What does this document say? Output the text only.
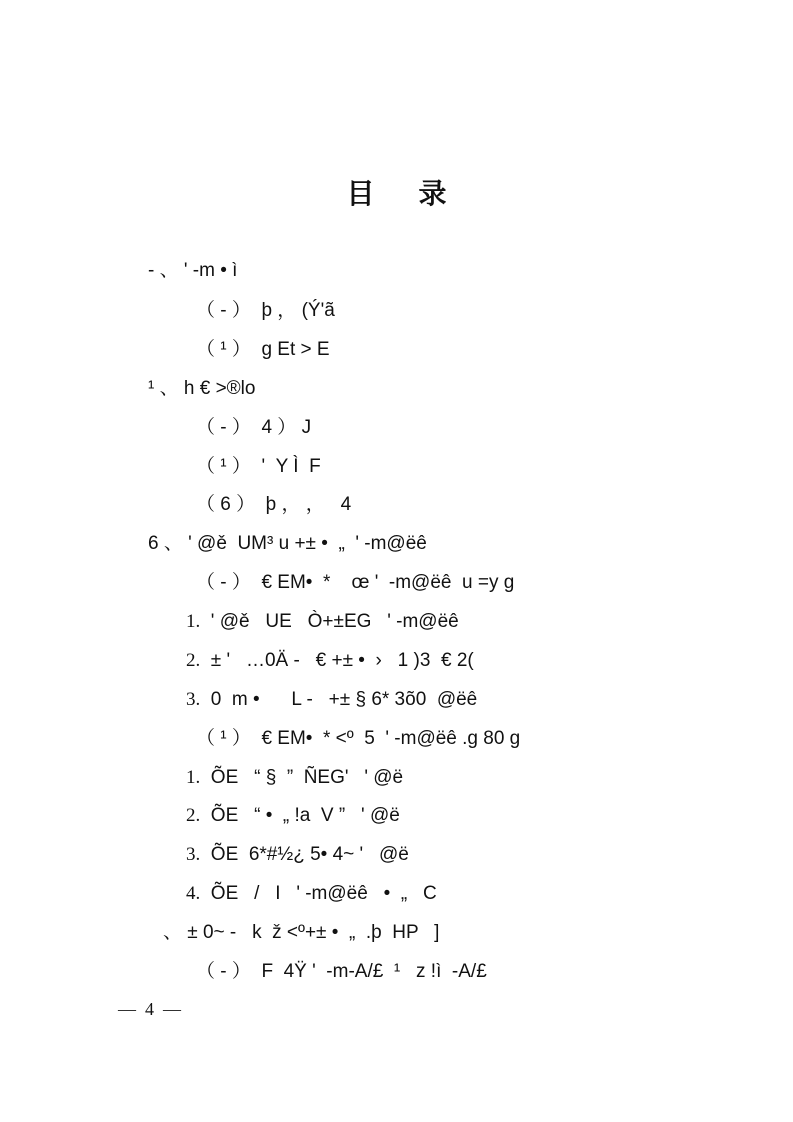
目 录
- 、 ' -m • ì
（ - ）  þ ， (Ý'ã
（ ¹ ）  g Et > E
¹ 、 h € >®lo
（ - ）  4 ） J
（ ¹ ）  '  Y Ì  F
（ 6 ）  þ ， ，   4
6 、 ' @ě  UM³ u +± •  „  ' -m@ëê
（ - ）  € EM•  *    œ '  -m@ëê  u =y g
1.  ' @ě   UE   Ò+±EG   ' -m@ëê
2.  ± '   …0Ä -   € +± •  ›   1 )3  € 2(
3.  0  m •      L -   +± § 6* 3õ0  @ëê
（ ¹ ）  € EM•  * <º  5  ' -m@ëê .g 80 g
1.  ÕE   “ §  ”  ÑEG'   ' @ë
2.  ÕE   “ •  „ !a  V ”   ' @ë
3.  ÕE  6*#½¿ 5• 4~ '   @ë
4.  ÕE   /   I   ' -m@ëê   •  „   C
、 ± 0~ -   k  ž <º+± •  „  .þ  HP   ]
（ - ）  F  4Ÿ '  -m-A/£  ¹   z !ì  -A/£
—  4  —
